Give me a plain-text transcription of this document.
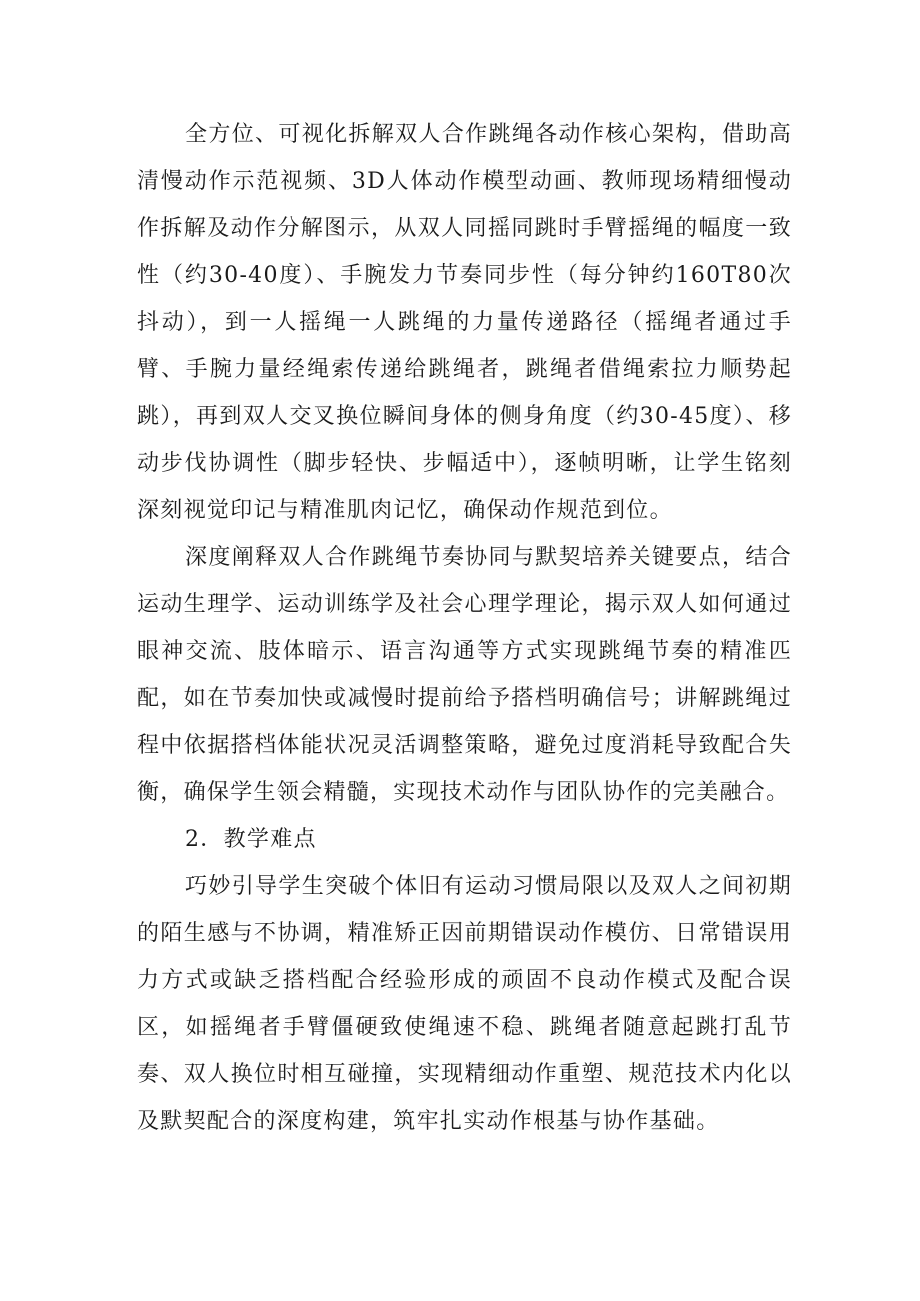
全方位、可视化拆解双人合作跳绳各动作核心架构，借助高清慢动作示范视频、3D人体动作模型动画、教师现场精细慢动作拆解及动作分解图示，从双人同摇同跳时手臂摇绳的幅度一致性（约30-40度）、手腕发力节奏同步性（每分钟约160T80次抖动），到一人摇绳一人跳绳的力量传递路径（摇绳者通过手臂、手腕力量经绳索传递给跳绳者，跳绳者借绳索拉力顺势起跳），再到双人交叉换位瞬间身体的侧身角度（约30-45度）、移动步伐协调性（脚步轻快、步幅适中），逐帧明晰，让学生铭刻深刻视觉印记与精准肌肉记忆，确保动作规范到位。

深度阐释双人合作跳绳节奏协同与默契培养关键要点，结合运动生理学、运动训练学及社会心理学理论，揭示双人如何通过眼神交流、肢体暗示、语言沟通等方式实现跳绳节奏的精准匹配，如在节奏加快或减慢时提前给予搭档明确信号；讲解跳绳过程中依据搭档体能状况灵活调整策略，避免过度消耗导致配合失衡，确保学生领会精髓，实现技术动作与团队协作的完美融合。

2．教学难点

巧妙引导学生突破个体旧有运动习惯局限以及双人之间初期的陌生感与不协调，精准矫正因前期错误动作模仿、日常错误用力方式或缺乏搭档配合经验形成的顽固不良动作模式及配合误区，如摇绳者手臂僵硬致使绳速不稳、跳绳者随意起跳打乱节奏、双人换位时相互碰撞，实现精细动作重塑、规范技术内化以及默契配合的深度构建，筑牢扎实动作根基与协作基础。
